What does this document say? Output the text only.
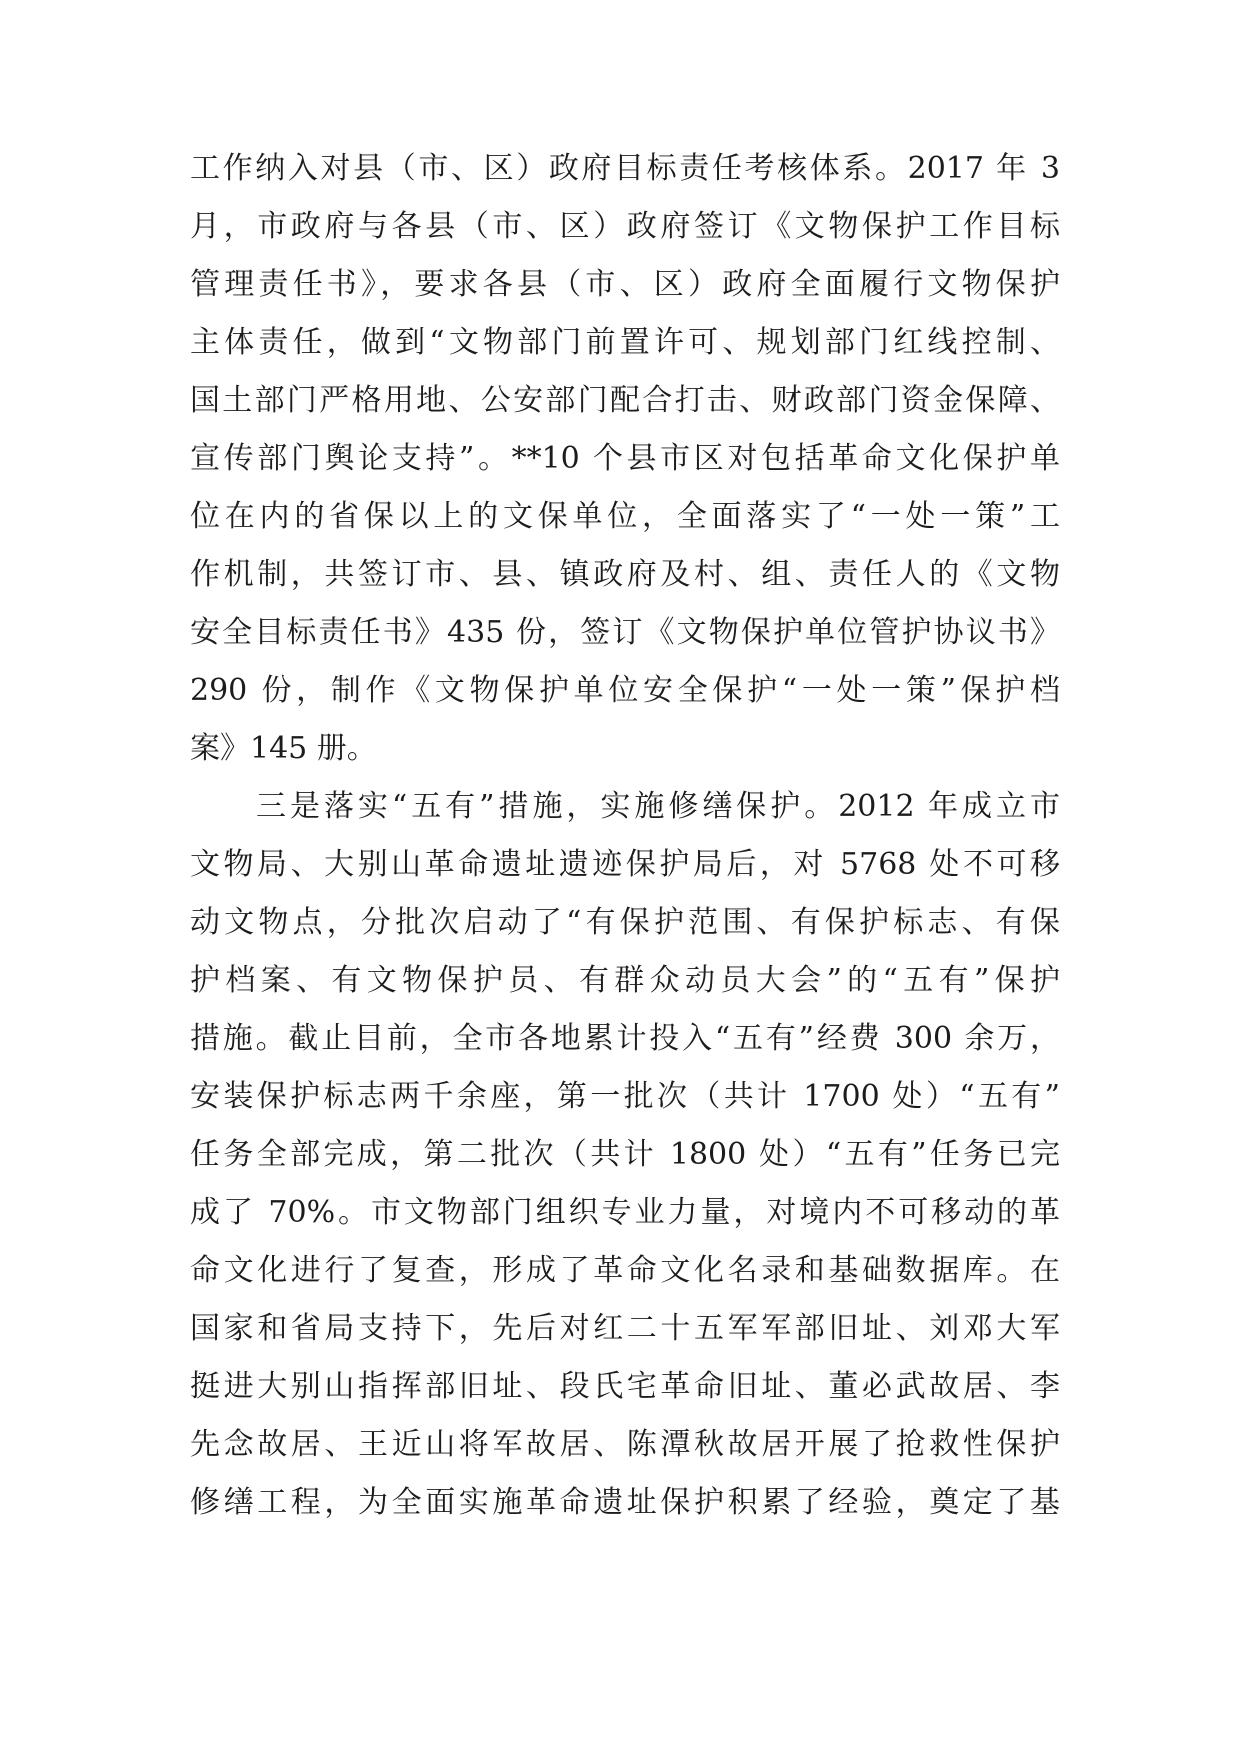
工作纳入对县（市、区）政府目标责任考核体系。2017 年 3
月，市政府与各县（市、区）政府签订《文物保护工作目标
管理责任书》，要求各县（市、区）政府全面履行文物保护
主体责任，做到“文物部门前置许可、规划部门红线控制、
国土部门严格用地、公安部门配合打击、财政部门资金保障、
宣传部门舆论支持”。**10 个县市区对包括革命文化保护单
位在内的省保以上的文保单位，全面落实了“一处一策”工
作机制，共签订市、县、镇政府及村、组、责任人的《文物
安全目标责任书》435 份，签订《文物保护单位管护协议书》
290 份，制作《文物保护单位安全保护“一处一策”保护档
案》145 册。
三是落实“五有”措施，实施修缮保护。2012 年成立市
文物局、大别山革命遗址遗迹保护局后，对 5768 处不可移
动文物点，分批次启动了“有保护范围、有保护标志、有保
护档案、有文物保护员、有群众动员大会”的“五有”保护
措施。截止目前，全市各地累计投入“五有”经费 300 余万，
安装保护标志两千余座，第一批次（共计 1700 处）“五有”
任务全部完成，第二批次（共计 1800 处）“五有”任务已完
成了 70%。市文物部门组织专业力量，对境内不可移动的革
命文化进行了复查，形成了革命文化名录和基础数据库。在
国家和省局支持下，先后对红二十五军军部旧址、刘邓大军
挺进大别山指挥部旧址、段氏宅革命旧址、董必武故居、李
先念故居、王近山将军故居、陈潭秋故居开展了抢救性保护
修缮工程，为全面实施革命遗址保护积累了经验，奠定了基
